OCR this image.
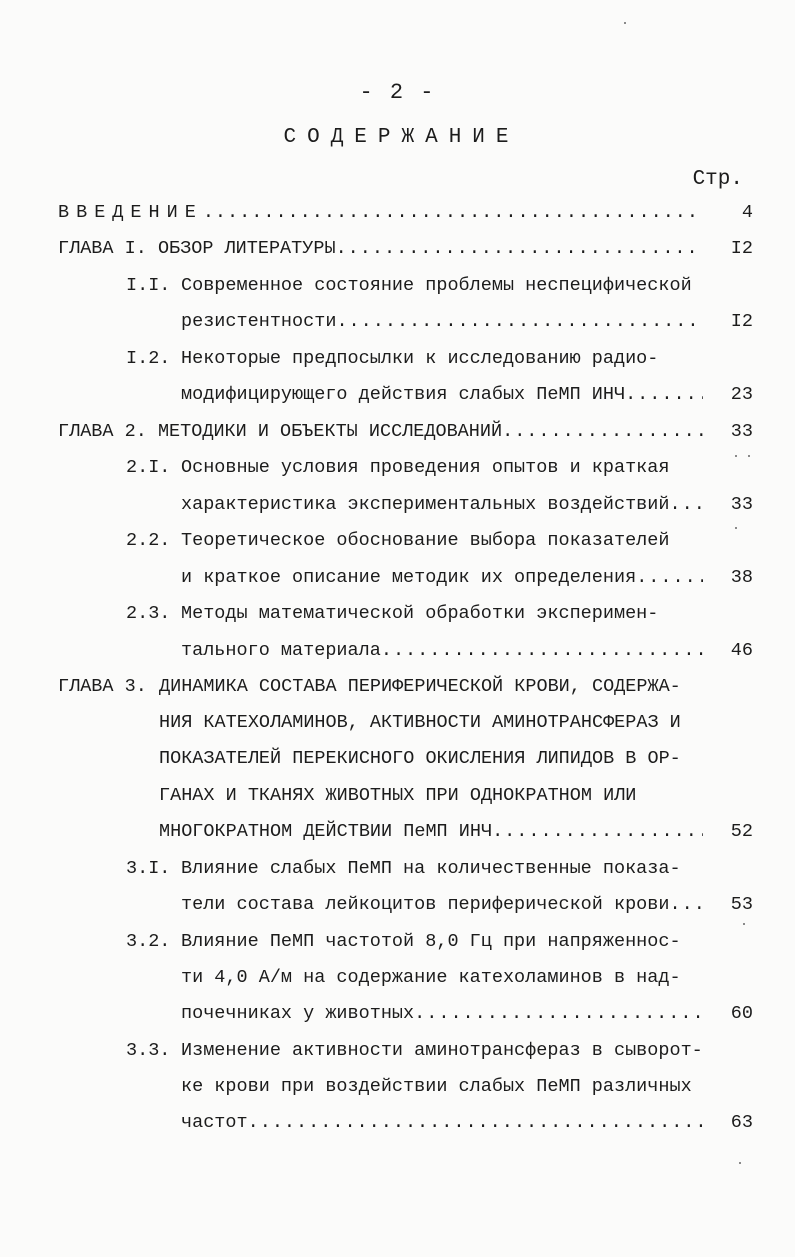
- 2 -
СОДЕРЖАНИЕ
Стр.
ВВЕДЕНИЕ .....	4
ГЛАВА I.
ОБЗОР ЛИТЕРАТУРЫ .....	I2
I.I. Современное состояние проблемы неспецифической
резистентности .....	I2
I.2. Некоторые предпосылки к исследованию радио-
модифицирующего действия слабых ПеМП ИНЧ .....	23
ГЛАВА 2.
МЕТОДИКИ И ОБЪЕКТЫ ИССЛЕДОВАНИЙ .....	33
2.I. Основные условия проведения опытов и краткая
характеристика экспериментальных воздействий .....	33
2.2. Теоретическое обоснование выбора показателей
и краткое описание методик их определения .....	38
2.3. Методы математической обработки эксперимен-
тального материала .....	46
ГЛАВА 3. ДИНАМИКА СОСТАВА ПЕРИФЕРИЧЕСКОЙ КРОВИ, СОДЕРЖА-
НИЯ КАТЕХОЛАМИНОВ, АКТИВНОСТИ АМИНОТРАНСФЕРАЗ И
ПОКАЗАТЕЛЕЙ ПЕРЕКИСНОГО ОКИСЛЕНИЯ ЛИПИДОВ В ОР-
ГАНАХ И ТКАНЯХ ЖИВОТНЫХ ПРИ ОДНОКРАТНОМ ИЛИ
МНОГОКРАТНОМ ДЕЙСТВИИ ПеМП ИНЧ .....	52
3.I. Влияние слабых ПеМП на количественные показа-
тели состава лейкоцитов периферической крови .....	53
3.2. Влияние ПеМП частотой 8,0 Гц при напряженнос-
ти 4,0 А/м на содержание катехоламинов в над-
почечниках у животных .....	60
3.3. Изменение активности аминотрансфераз в сыворот-
ке крови при воздействии слабых ПеМП различных
частот .....	63
